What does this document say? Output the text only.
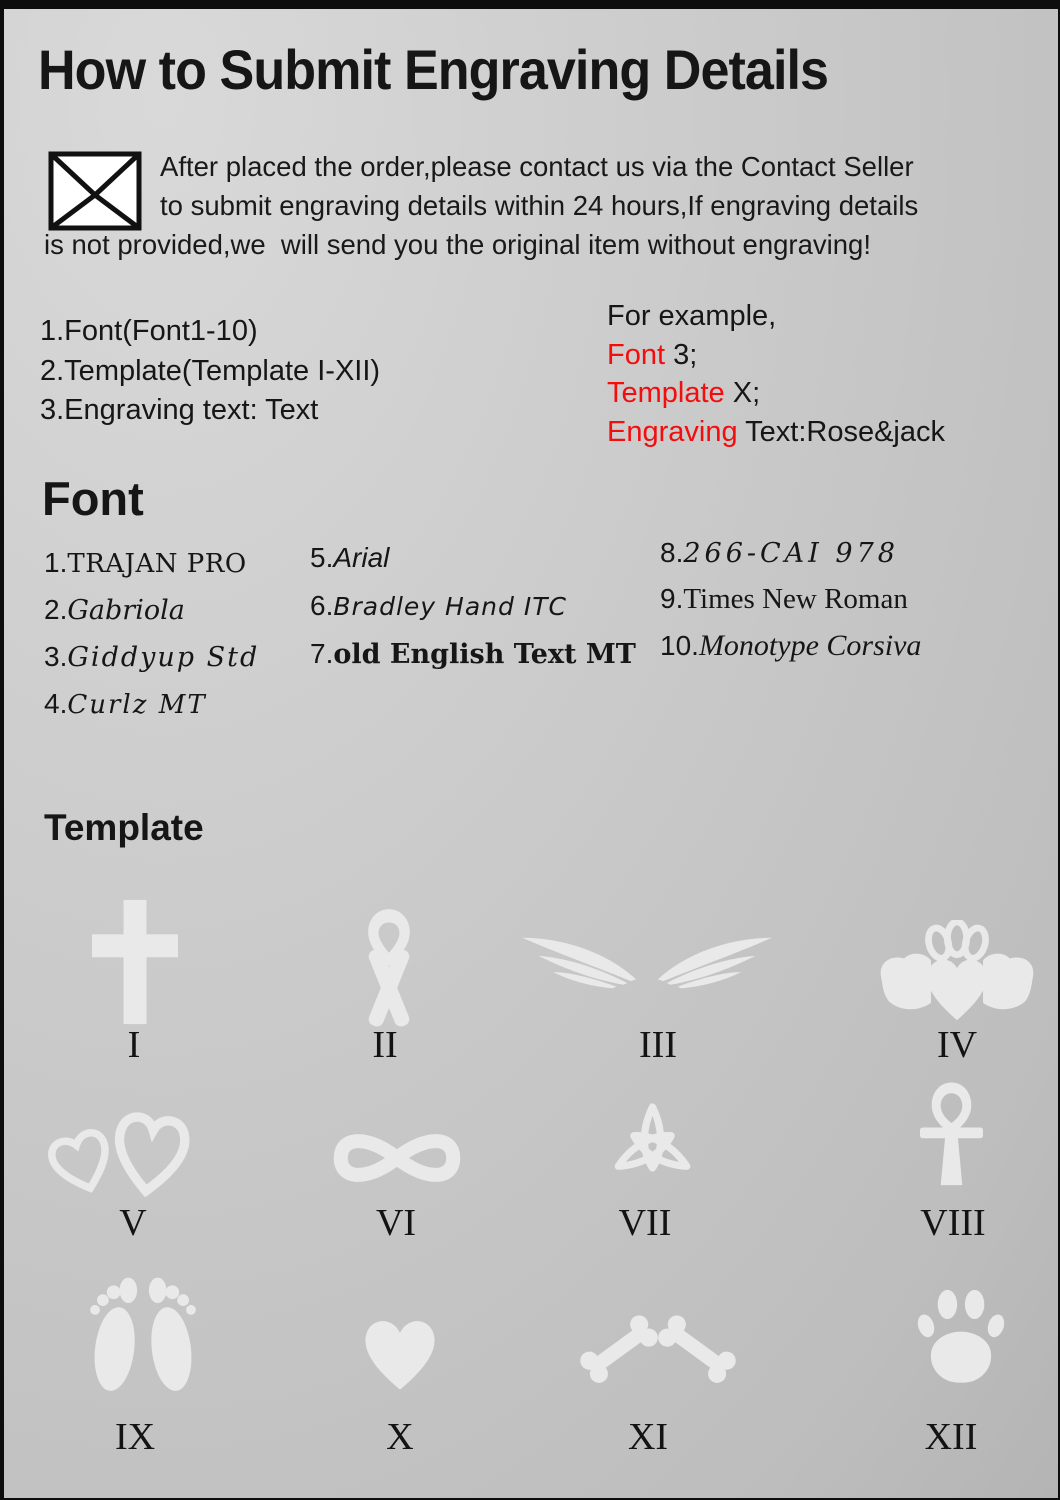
How to Submit Engraving Details
After placed the order,please contact us via the Contact Seller
to submit engraving details within 24 hours,If engraving details
is not provided,we  will send you the original item without engraving!
1.Font(Font1-10)
2.Template(Template I-XII)
3.Engraving text: Text
For example,
Font 3;
Template X;
Engraving Text:Rose&jack
Font
1.TRAJAN PRO
2.Gabriola
3.Giddyup Std
4.Curlz MT
5.Arial
6.Bradley Hand ITC
7.old English Text MT
8.266-CAI 978
9.Times New Roman
10.Monotype Corsiva
Template
I	II	III	IV
V	VI	VII	VIII
IX	X	XI	XII
